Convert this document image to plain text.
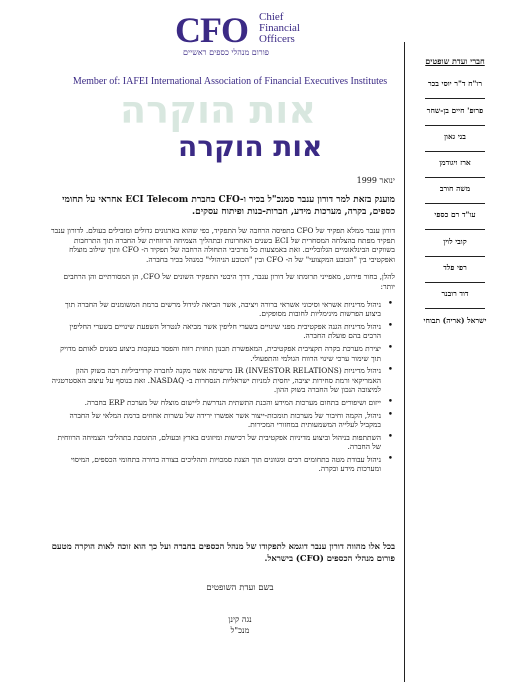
CFO Chief
Financial
Officers
פורום מנהלי כספים ראשיים
Member of: IAFEI International Association of Financial Executives Institutes
אות הוקרה
אות הוקרה
ינואר 1999

מוענק בזאת למר דורון ענבר סמנכ"ל בכיר ו-CFO בחברת ECI Telecom אחראי על תחומי כספים, בקרה, מערכות מידע, חברות-בנות ופיתוח עסקים.

דורון ענבר ממלא תפקיד של CFO בתפיסה הרחבה של התפקיד, כפי שהוא בארגונים גדולים ומובילים בעולם. לדורון ענבר תפקיד מפתח בהצלחה המסחרית של ECI בשנים האחרונות ובתהליך הצמיחה הרווחית של החברה תוך התרחבות בשווקים הבינלאומיים הגלובליים. זאת באמצעות כל מרכיבי התחולה הרחבה של תפקיד ה- CFO ותוך שילוב מוצלח ואפקטיבי בין "הכובע המקצועי" של ה- CFO ובין "הכובע הניהולי" כמנהל בכיר בחברה.

להלן, בחור פירוט, מאפייני תרומתו של דורון ענבר, דרך היבטי התפקיד השונים של CFO, הן המסורתיים והן הרחבים יותר:

• ניהול מדיניות אשראי וסיכוני אשראי ברורה ויציבה, אשר הביאה לגידול מרשים ברמת המשומנים של החברה תוך ביצוע הפרשות מינימליות לחובות מסופקים.
• ניהול מדיניות הגנה אפקטיבית מפני שינויים בשערי חליפין אשר מביאה לנטרול השפעת שינויים בשערי החליפין הרבים בהם פועלת החברה.
• יצירת מערכת בקרה תקציבית אפקטיבית, המאפשרת תכנון תחזית רווח והפסד בעקבות ביצוע בשנים לאותם מדויק תוך שימור ערכי שינוי הרווח הגולמי והתפעולי.
• ניהול מדיניות IR (INVESTOR RELATIONS) מרשימה אשר מקנה לחברה קרדיביליות רבה בשוק ההון האמריקאי ורמת סחירות יציבה, יחסית למניות ישראליות הנסחרות ב- NASDAQ. זאת בנוסף על עיצוב האסטרטגיה למיצובה הנכון של החברה בשוק ההון.
• ייזום ושיפורים בתחום מערכות המידע והכנת התשתית הנדרשת ליישום מוצלח של מערכת ERP בחברה.
• ניהול, הקמה וחיבור של מערכות תומכות-ייצור אשר אפשרו ירידה של עשרות אחוזים ברמת המלאי של החברה במקביל לעלייה המשמעותית במחזורי המכירות.
• השתתפות בניהול וביצוע מדיניות אפקטיבית של רכישות ומיזוגים בארץ ובעולם, התומכת בתהליכי הצמיחה הרווחית של החברה.
• ניהול עבודת מטה בתחומים רבים ומגוונים תוך הצגת סמכויות ותהליכים בצורה ברורה בתחומי הכספים, המיסוי ומערכות מידע ובקרה.
בכל אלו מהווה דורון ענבר דוגמא לתפקודו של מנהל הכספים בחברה ועל כך הוא זוכה לאות הוקרה מטעם פורום מנהלי הכספים (CFO) בישראל.
בשם ועדת השופטים
נגה קינן
מנכ"ל
חברי ועדת שופטים
רו"ח ד"ר יוסי בכר
פרופ' חיים בן-שחר
בני גאון
ארז ויגודמן
משה חורב
עו"ד רם כספי
קובי לוין
רפי פלד
דוד רובנר
ישראל (אריה) תבוחי
